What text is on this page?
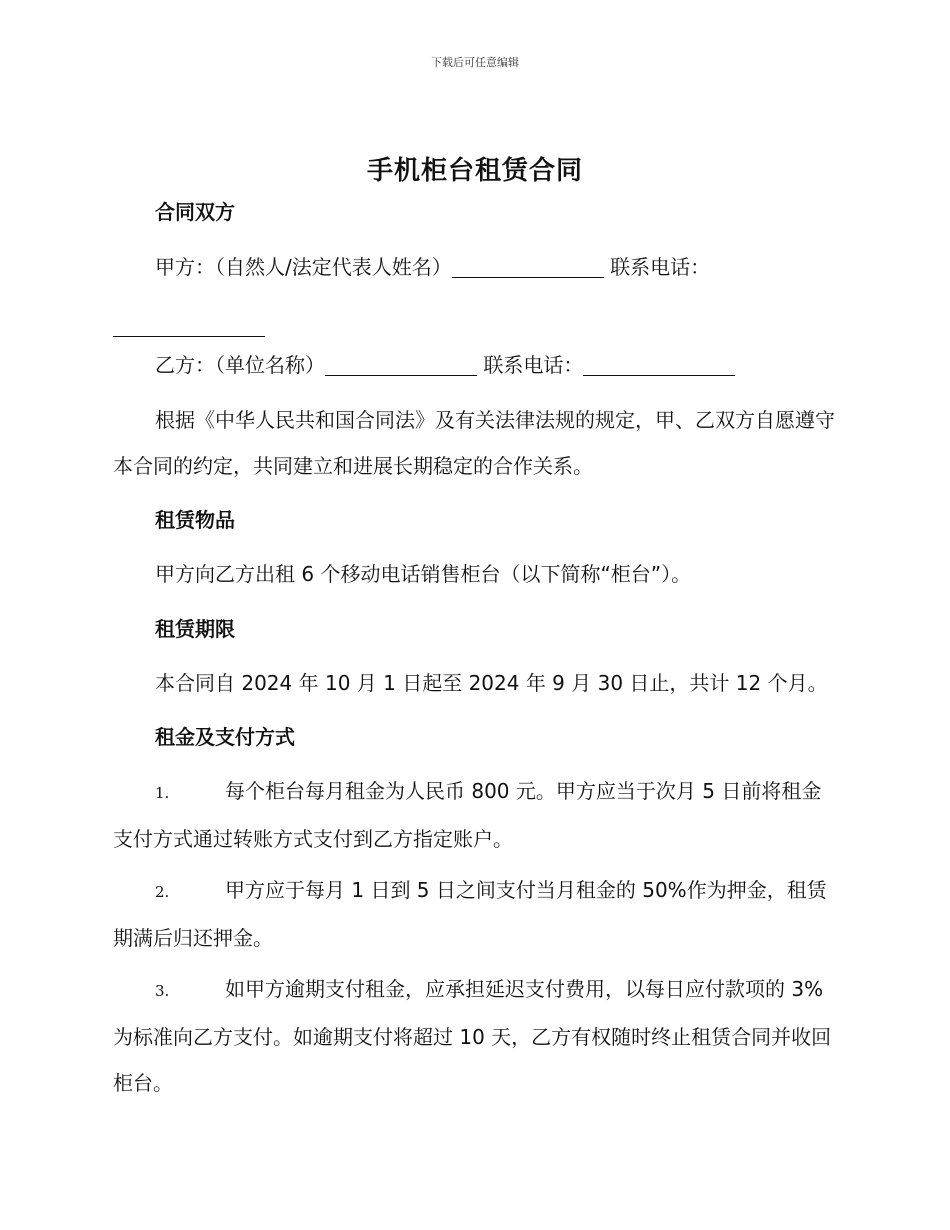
下载后可任意编辑
手机柜台租赁合同

合同双方

甲方：（自然人/法定代表人姓名）	联系电话：
乙方：（单位名称）	联系电话：

根据《中华人民共和国合同法》及有关法律法规的规定，甲、乙双方自愿遵守本合同的约定，共同建立和进展长期稳定的合作关系。

租赁物品

甲方向乙方出租 6 个移动电话销售柜台（以下简称“柜台”）。

租赁期限

本合同自 2024 年 10 月 1 日起至 2024 年 9 月 30 日止，共计 12 个月。

租金及支付方式

1.	每个柜台每月租金为人民币 800 元。甲方应当于次月 5 日前将租金支付方式通过转账方式支付到乙方指定账户。

2.	甲方应于每月 1 日到 5 日之间支付当月租金的 50%作为押金，租赁期满后归还押金。

3.	如甲方逾期支付租金，应承担延迟支付费用，以每日应付款项的 3%为标准向乙方支付。如逾期支付将超过 10 天，乙方有权随时终止租赁合同并收回柜台。
